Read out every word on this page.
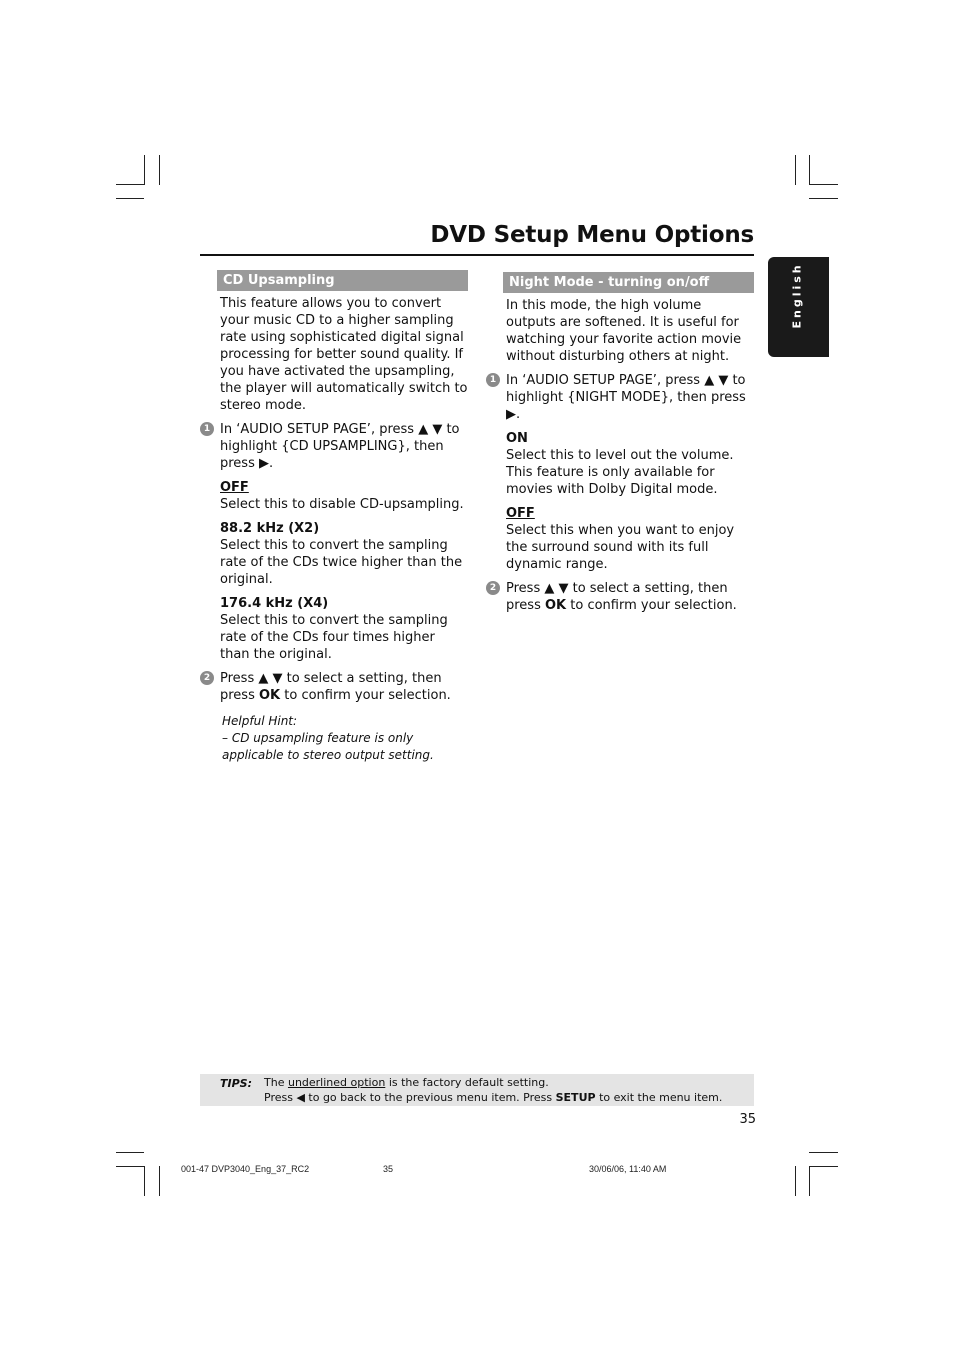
DVD Setup Menu Options
English
CD Upsampling
This feature allows you to convert your music CD to a higher sampling rate using sophisticated digital signal processing for better sound quality. If you have activated the upsampling, the player will automatically switch to stereo mode.
1 In ‘AUDIO SETUP PAGE’, press ▲ ▼ to highlight {CD UPSAMPLING}, then press ▶.
OFF
Select this to disable CD-upsampling.
88.2 kHz (X2)
Select this to convert the sampling rate of the CDs twice higher than the original.
176.4 kHz (X4)
Select this to convert the sampling rate of the CDs four times higher than the original.
2 Press ▲ ▼ to select a setting, then press OK to confirm your selection.
Helpful Hint:
– CD upsampling feature is only applicable to stereo output setting.
Night Mode - turning on/off
In this mode, the high volume outputs are softened. It is useful for watching your favorite action movie without disturbing others at night.
1 In ‘AUDIO SETUP PAGE’, press ▲ ▼ to highlight {NIGHT MODE}, then press ▶.
ON
Select this to level out the volume. This feature is only available for movies with Dolby Digital mode.
OFF
Select this when you want to enjoy the surround sound with its full dynamic range.
2 Press ▲ ▼ to select a setting, then press OK to confirm your selection.
TIPS: The underlined option is the factory default setting.
Press ◀ to go back to the previous menu item. Press SETUP to exit the menu item.
35
001-47 DVP3040_Eng_37_RC2	35	30/06/06, 11:40 AM
